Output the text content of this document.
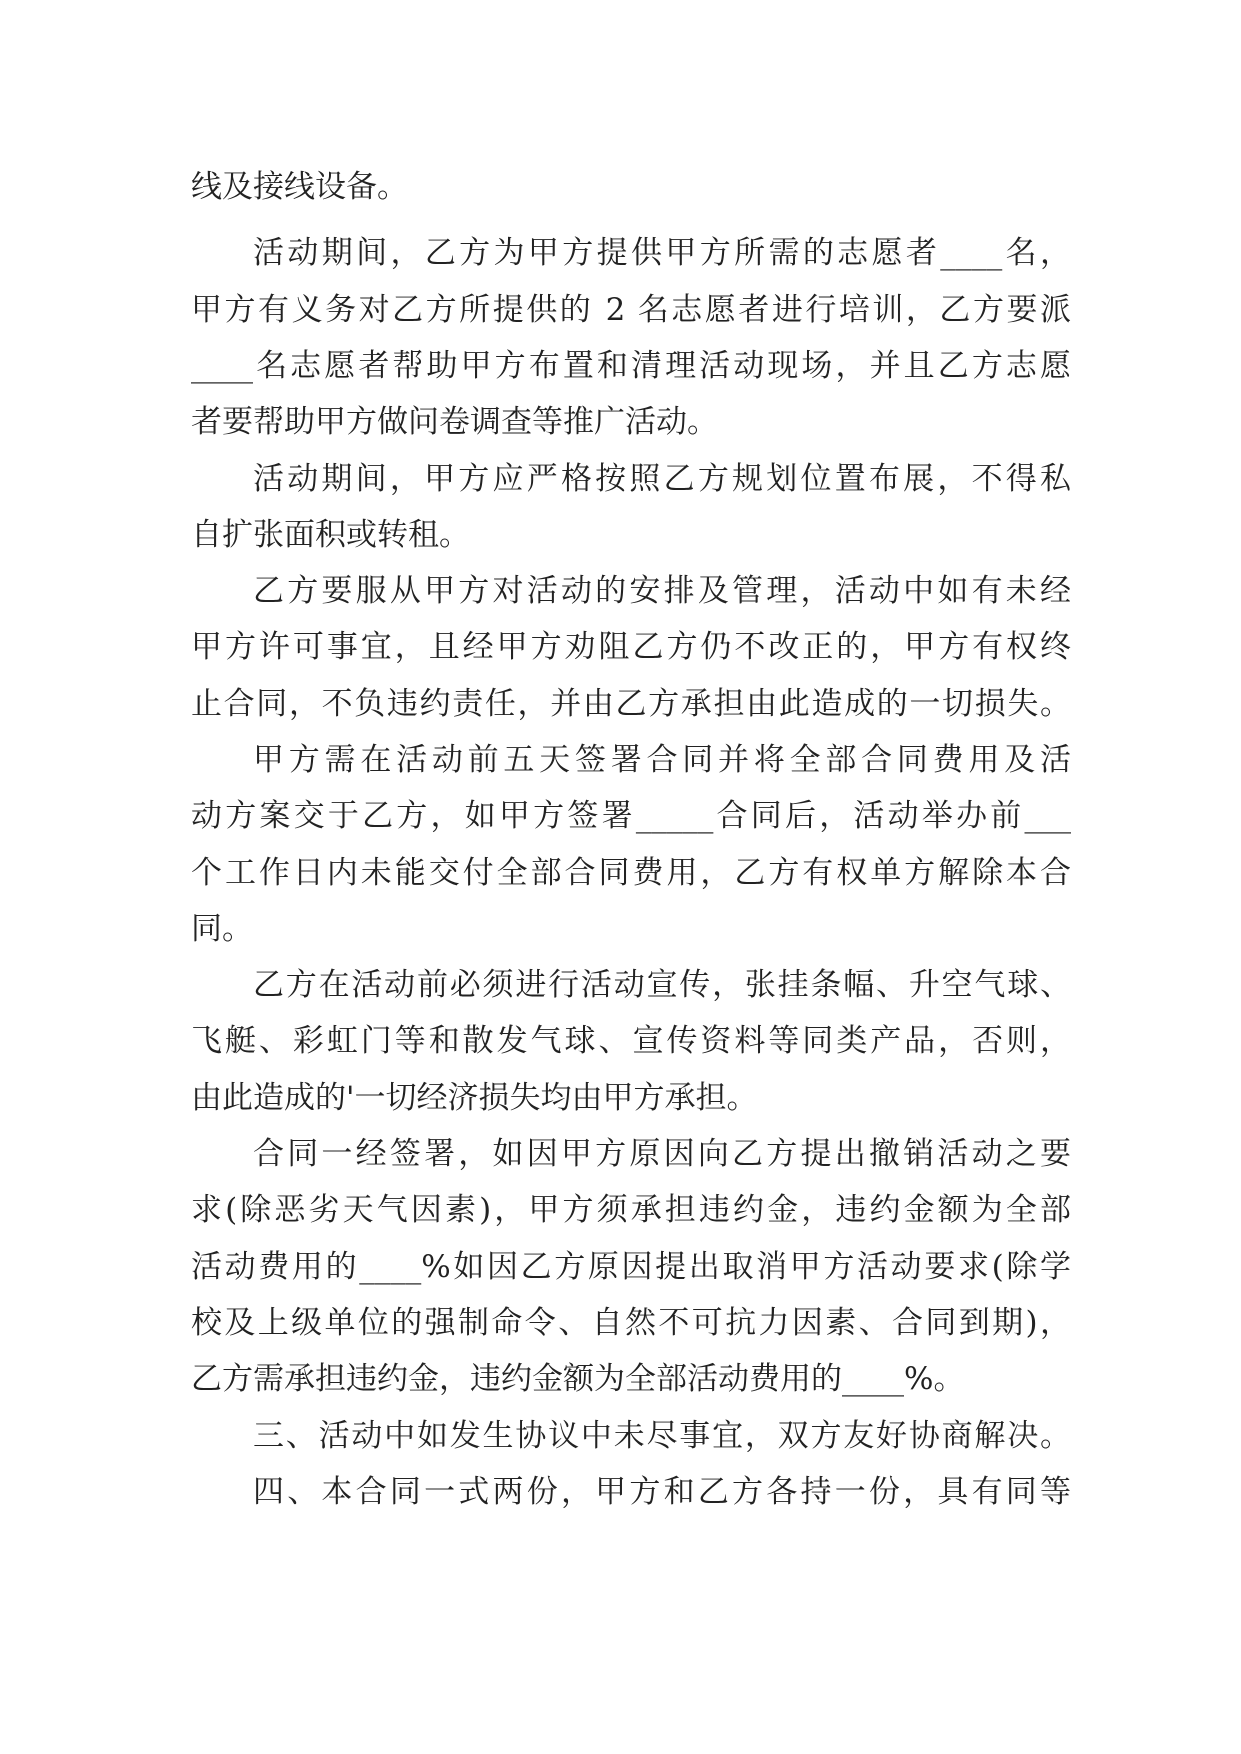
线及接线设备。
活动期间，乙方为甲方提供甲方所需的志愿者____名，
甲方有义务对乙方所提供的 2 名志愿者进行培训，乙方要派
____名志愿者帮助甲方布置和清理活动现场，并且乙方志愿
者要帮助甲方做问卷调查等推广活动。
活动期间，甲方应严格按照乙方规划位置布展，不得私
自扩张面积或转租。
乙方要服从甲方对活动的安排及管理，活动中如有未经
甲方许可事宜，且经甲方劝阻乙方仍不改正的，甲方有权终
止合同，不负违约责任，并由乙方承担由此造成的一切损失。
甲方需在活动前五天签署合同并将全部合同费用及活
动方案交于乙方，如甲方签署_____合同后，活动举办前___
个工作日内未能交付全部合同费用，乙方有权单方解除本合
同。
乙方在活动前必须进行活动宣传，张挂条幅、升空气球、
飞艇、彩虹门等和散发气球、宣传资料等同类产品，否则，
由此造成的'一切经济损失均由甲方承担。
合同一经签署，如因甲方原因向乙方提出撤销活动之要
求(除恶劣天气因素)，甲方须承担违约金，违约金额为全部
活动费用的____%如因乙方原因提出取消甲方活动要求(除学
校及上级单位的强制命令、自然不可抗力因素、合同到期)，
乙方需承担违约金，违约金额为全部活动费用的____%。
三、活动中如发生协议中未尽事宜，双方友好协商解决。
四、本合同一式两份，甲方和乙方各持一份，具有同等
